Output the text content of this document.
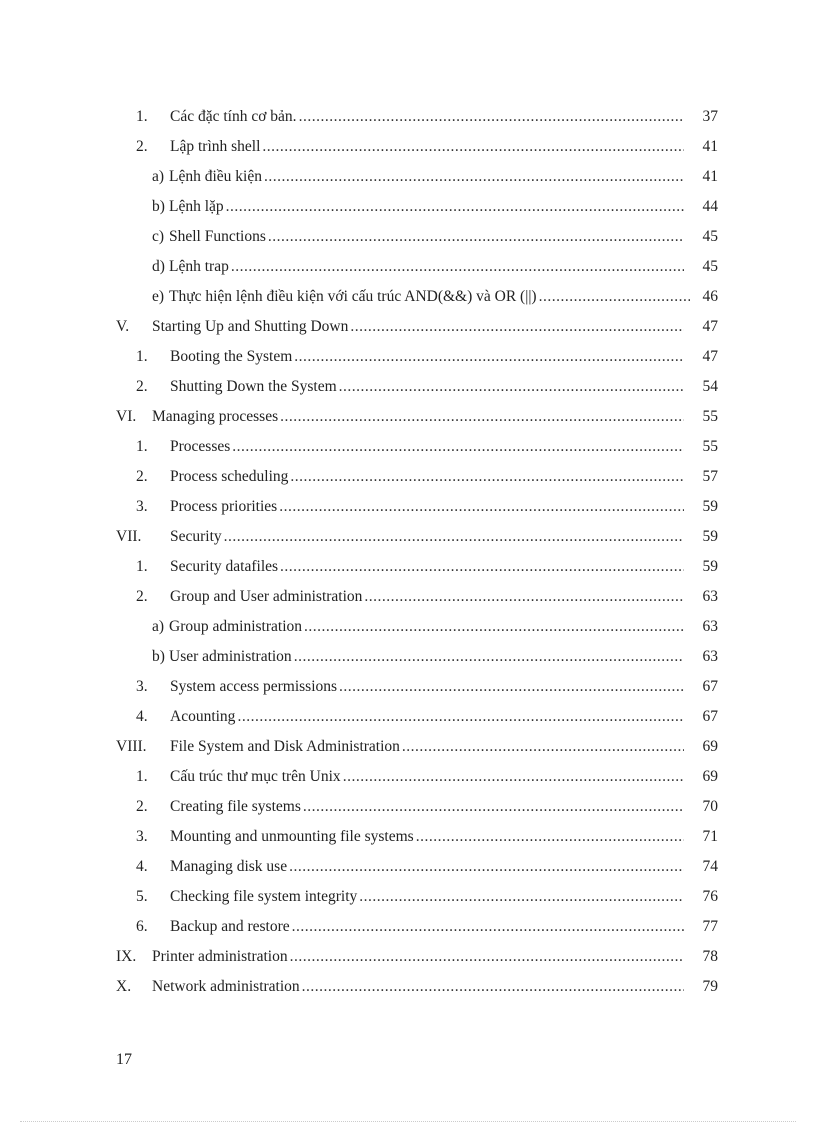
1. Các đặc tính cơ bản. .....	37
2. Lập trình shell .....	41
a) Lệnh điều kiện .....	41
b) Lệnh lặp .....	44
c) Shell Functions .....	45
d) Lệnh trap .....	45
e) Thực hiện lệnh điều kiện với cấu trúc AND(&&) và OR (||) .....	46
V. Starting Up and Shutting Down .....	47
1. Booting the System .....	47
2. Shutting Down the System .....	54
VI. Managing processes .....	55
1. Processes .....	55
2. Process scheduling .....	57
3. Process priorities .....	59
VII. Security .....	59
1. Security datafiles .....	59
2. Group and User administration .....	63
a) Group administration .....	63
b) User administration .....	63
3. System access permissions .....	67
4. Acounting .....	67
VIII. File System and Disk Administration .....	69
1. Cấu trúc thư mục trên Unix .....	69
2. Creating file systems .....	70
3. Mounting and unmounting file systems .....	71
4. Managing disk use .....	74
5. Checking file system integrity .....	76
6. Backup and restore .....	77
IX. Printer administration .....	78
X. Network administration .....	79
17
